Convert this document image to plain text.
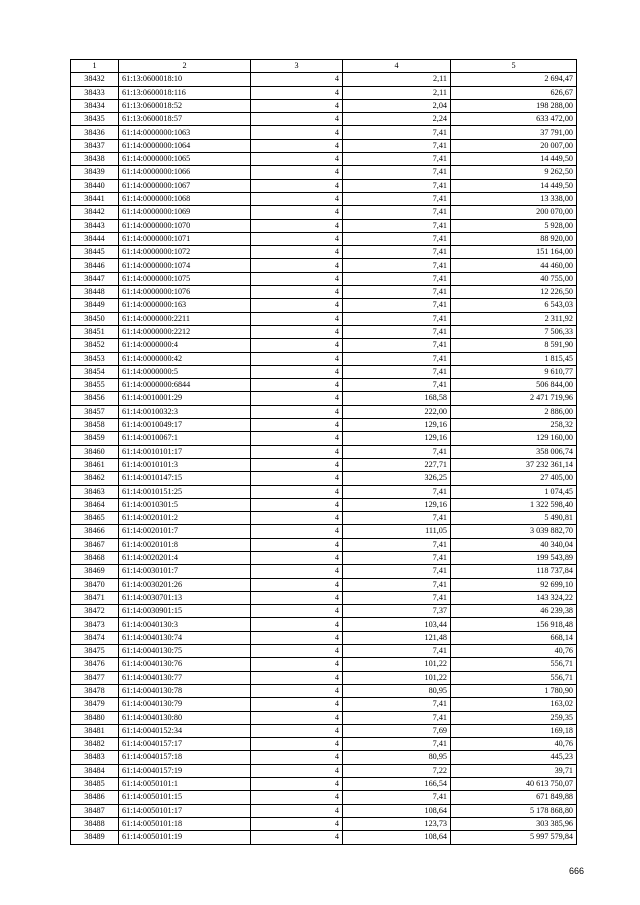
1	2	3	4	5
38432	61:13:0600018:10	4	2,11	2 694,47
38433	61:13:0600018:116	4	2,11	626,67
38434	61:13:0600018:52	4	2,04	198 288,00
38435	61:13:0600018:57	4	2,24	633 472,00
38436	61:14:0000000:1063	4	7,41	37 791,00
38437	61:14:0000000:1064	4	7,41	20 007,00
38438	61:14:0000000:1065	4	7,41	14 449,50
38439	61:14:0000000:1066	4	7,41	9 262,50
38440	61:14:0000000:1067	4	7,41	14 449,50
38441	61:14:0000000:1068	4	7,41	13 338,00
38442	61:14:0000000:1069	4	7,41	200 070,00
38443	61:14:0000000:1070	4	7,41	5 928,00
38444	61:14:0000000:1071	4	7,41	88 920,00
38445	61:14:0000000:1072	4	7,41	151 164,00
38446	61:14:0000000:1074	4	7,41	44 460,00
38447	61:14:0000000:1075	4	7,41	40 755,00
38448	61:14:0000000:1076	4	7,41	12 226,50
38449	61:14:0000000:163	4	7,41	6 543,03
38450	61:14:0000000:2211	4	7,41	2 311,92
38451	61:14:0000000:2212	4	7,41	7 506,33
38452	61:14:0000000:4	4	7,41	8 591,90
38453	61:14:0000000:42	4	7,41	1 815,45
38454	61:14:0000000:5	4	7,41	9 610,77
38455	61:14:0000000:6844	4	7,41	506 844,00
38456	61:14:0010001:29	4	168,58	2 471 719,96
38457	61:14:0010032:3	4	222,00	2 886,00
38458	61:14:0010049:17	4	129,16	258,32
38459	61:14:0010067:1	4	129,16	129 160,00
38460	61:14:0010101:17	4	7,41	358 006,74
38461	61:14:0010101:3	4	227,71	37 232 361,14
38462	61:14:0010147:15	4	326,25	27 405,00
38463	61:14:0010151:25	4	7,41	1 074,45
38464	61:14:0010301:5	4	129,16	1 322 598,40
38465	61:14:0020101:2	4	7,41	5 490,81
38466	61:14:0020101:7	4	111,05	3 039 882,70
38467	61:14:0020101:8	4	7,41	40 340,04
38468	61:14:0020201:4	4	7,41	199 543,89
38469	61:14:0030101:7	4	7,41	118 737,84
38470	61:14:0030201:26	4	7,41	92 699,10
38471	61:14:0030701:13	4	7,41	143 324,22
38472	61:14:0030901:15	4	7,37	46 239,38
38473	61:14:0040130:3	4	103,44	156 918,48
38474	61:14:0040130:74	4	121,48	668,14
38475	61:14:0040130:75	4	7,41	40,76
38476	61:14:0040130:76	4	101,22	556,71
38477	61:14:0040130:77	4	101,22	556,71
38478	61:14:0040130:78	4	80,95	1 780,90
38479	61:14:0040130:79	4	7,41	163,02
38480	61:14:0040130:80	4	7,41	259,35
38481	61:14:0040152:34	4	7,69	169,18
38482	61:14:0040157:17	4	7,41	40,76
38483	61:14:0040157:18	4	80,95	445,23
38484	61:14:0040157:19	4	7,22	39,71
38485	61:14:0050101:1	4	166,54	40 613 750,07
38486	61:14:0050101:15	4	7,41	671 849,88
38487	61:14:0050101:17	4	108,64	5 178 868,80
38488	61:14:0050101:18	4	123,73	303 385,96
38489	61:14:0050101:19	4	108,64	5 997 579,84
666
